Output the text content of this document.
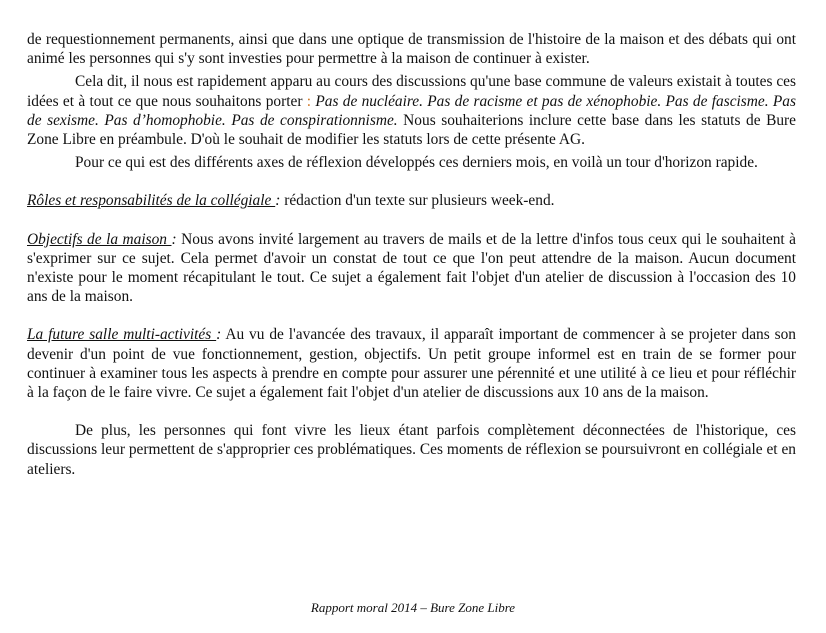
de requestionnement permanents, ainsi que dans une optique de transmission de l'histoire de la maison et des débats qui ont animé les personnes qui s'y sont investies pour permettre à la maison de continuer à exister.

Cela dit, il nous est rapidement apparu au cours des discussions qu'une base commune de valeurs existait à toutes ces idées et à tout ce que nous souhaitons porter : Pas de nucléaire. Pas de racisme et pas de xénophobie. Pas de fascisme. Pas de sexisme. Pas d’homophobie. Pas de conspirationnisme. Nous souhaiterions inclure cette base dans les statuts de Bure Zone Libre en préambule. D'où le souhait de modifier les statuts lors de cette présente AG.

Pour ce qui est des différents axes de réflexion développés ces derniers mois, en voilà un tour d'horizon rapide.

Rôles et responsabilités de la collégiale : rédaction d'un texte sur plusieurs week-end.

Objectifs de la maison : Nous avons invité largement au travers de mails et de la lettre d'infos tous ceux qui le souhaitent à s'exprimer sur ce sujet. Cela permet d'avoir un constat de tout ce que l'on peut attendre de la maison. Aucun document n'existe pour le moment récapitulant le tout. Ce sujet a également fait l'objet d'un atelier de discussion à l'occasion des 10 ans de la maison.

La future salle multi-activités : Au vu de l'avancée des travaux, il apparaît important de commencer à se projeter dans son devenir d'un point de vue fonctionnement, gestion, objectifs. Un petit groupe informel est en train de se former pour continuer à examiner tous les aspects à prendre en compte pour assurer une pérennité et une utilité à ce lieu et pour réfléchir à la façon de le faire vivre. Ce sujet a également fait l'objet d'un atelier de discussions aux 10 ans de la maison.

De plus, les personnes qui font vivre les lieux étant parfois complètement déconnectées de l'historique, ces discussions leur permettent de s'approprier ces problématiques. Ces moments de réflexion se poursuivront en collégiale et en ateliers.

Rapport moral 2014 – Bure Zone Libre
